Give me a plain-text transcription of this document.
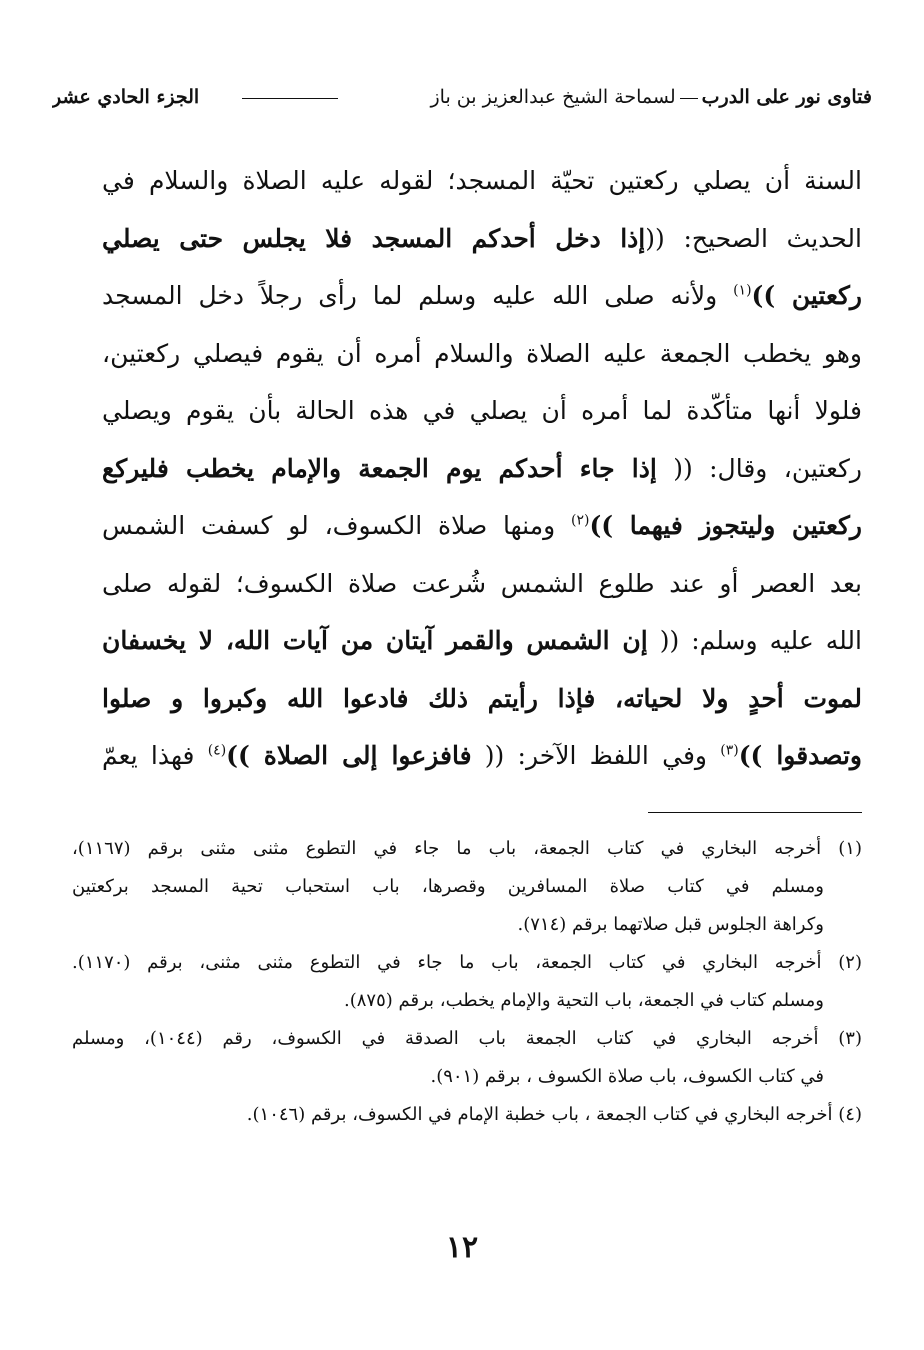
فتاوى نور على الدربلسماحة الشيخ عبدالعزيز بن باز
الجزء الحادي عشر
السنة أن يصلي ركعتين تحيّة المسجد؛ لقوله عليه الصلاة والسلام في
الحديث الصحيح: ((إذا دخل أحدكم المسجد فلا يجلس حتى يصلي
ركعتين ))$^{(١)}$ ولأنه صلى الله عليه وسلم لما رأى رجلاً دخل المسجد
وهو يخطب الجمعة عليه الصلاة والسلام أمره أن يقوم فيصلي ركعتين،
فلولا أنها متأكّدة لما أمره أن يصلي في هذه الحالة بأن يقوم ويصلي
ركعتين، وقال: (( إذا جاء أحدكم يوم الجمعة والإمام يخطب فليركع
ركعتين وليتجوز فيهما ))$^{(٢)}$ ومنها صلاة الكسوف، لو كسفت الشمس
بعد العصر أو عند طلوع الشمس شُرعت صلاة الكسوف؛ لقوله صلى
الله عليه وسلم: (( إن الشمس والقمر آيتان من آيات الله، لا يخسفان
لموت أحدٍ ولا لحياته، فإذا رأيتم ذلك فادعوا الله وكبروا و صلوا
وتصدقوا ))$^{(٣)}$ وفي اللفظ الآخر: (( فافزعوا إلى الصلاة ))$^{(٤)}$ فهذا يعمّ
(١) أخرجه البخاري في كتاب الجمعة، باب ما جاء في التطوع مثنى مثنى برقم (١١٦٧)،
ومسلم في كتاب صلاة المسافرين وقصرها، باب استحباب تحية المسجد بركعتين
وكراهة الجلوس قبل صلاتهما برقم (٧١٤).
(٢) أخرجه البخاري في كتاب الجمعة، باب ما جاء في التطوع مثنى مثنى، برقم (١١٧٠).
ومسلم كتاب في الجمعة، باب التحية والإمام يخطب، برقم (٨٧٥).
(٣) أخرجه البخاري في كتاب الجمعة باب الصدقة في الكسوف، رقم (١٠٤٤)، ومسلم
في كتاب الكسوف، باب صلاة الكسوف ، برقم (٩٠١).
(٤) أخرجه البخاري في كتاب الجمعة ، باب خطبة الإمام في الكسوف، برقم (١٠٤٦).
١٢
